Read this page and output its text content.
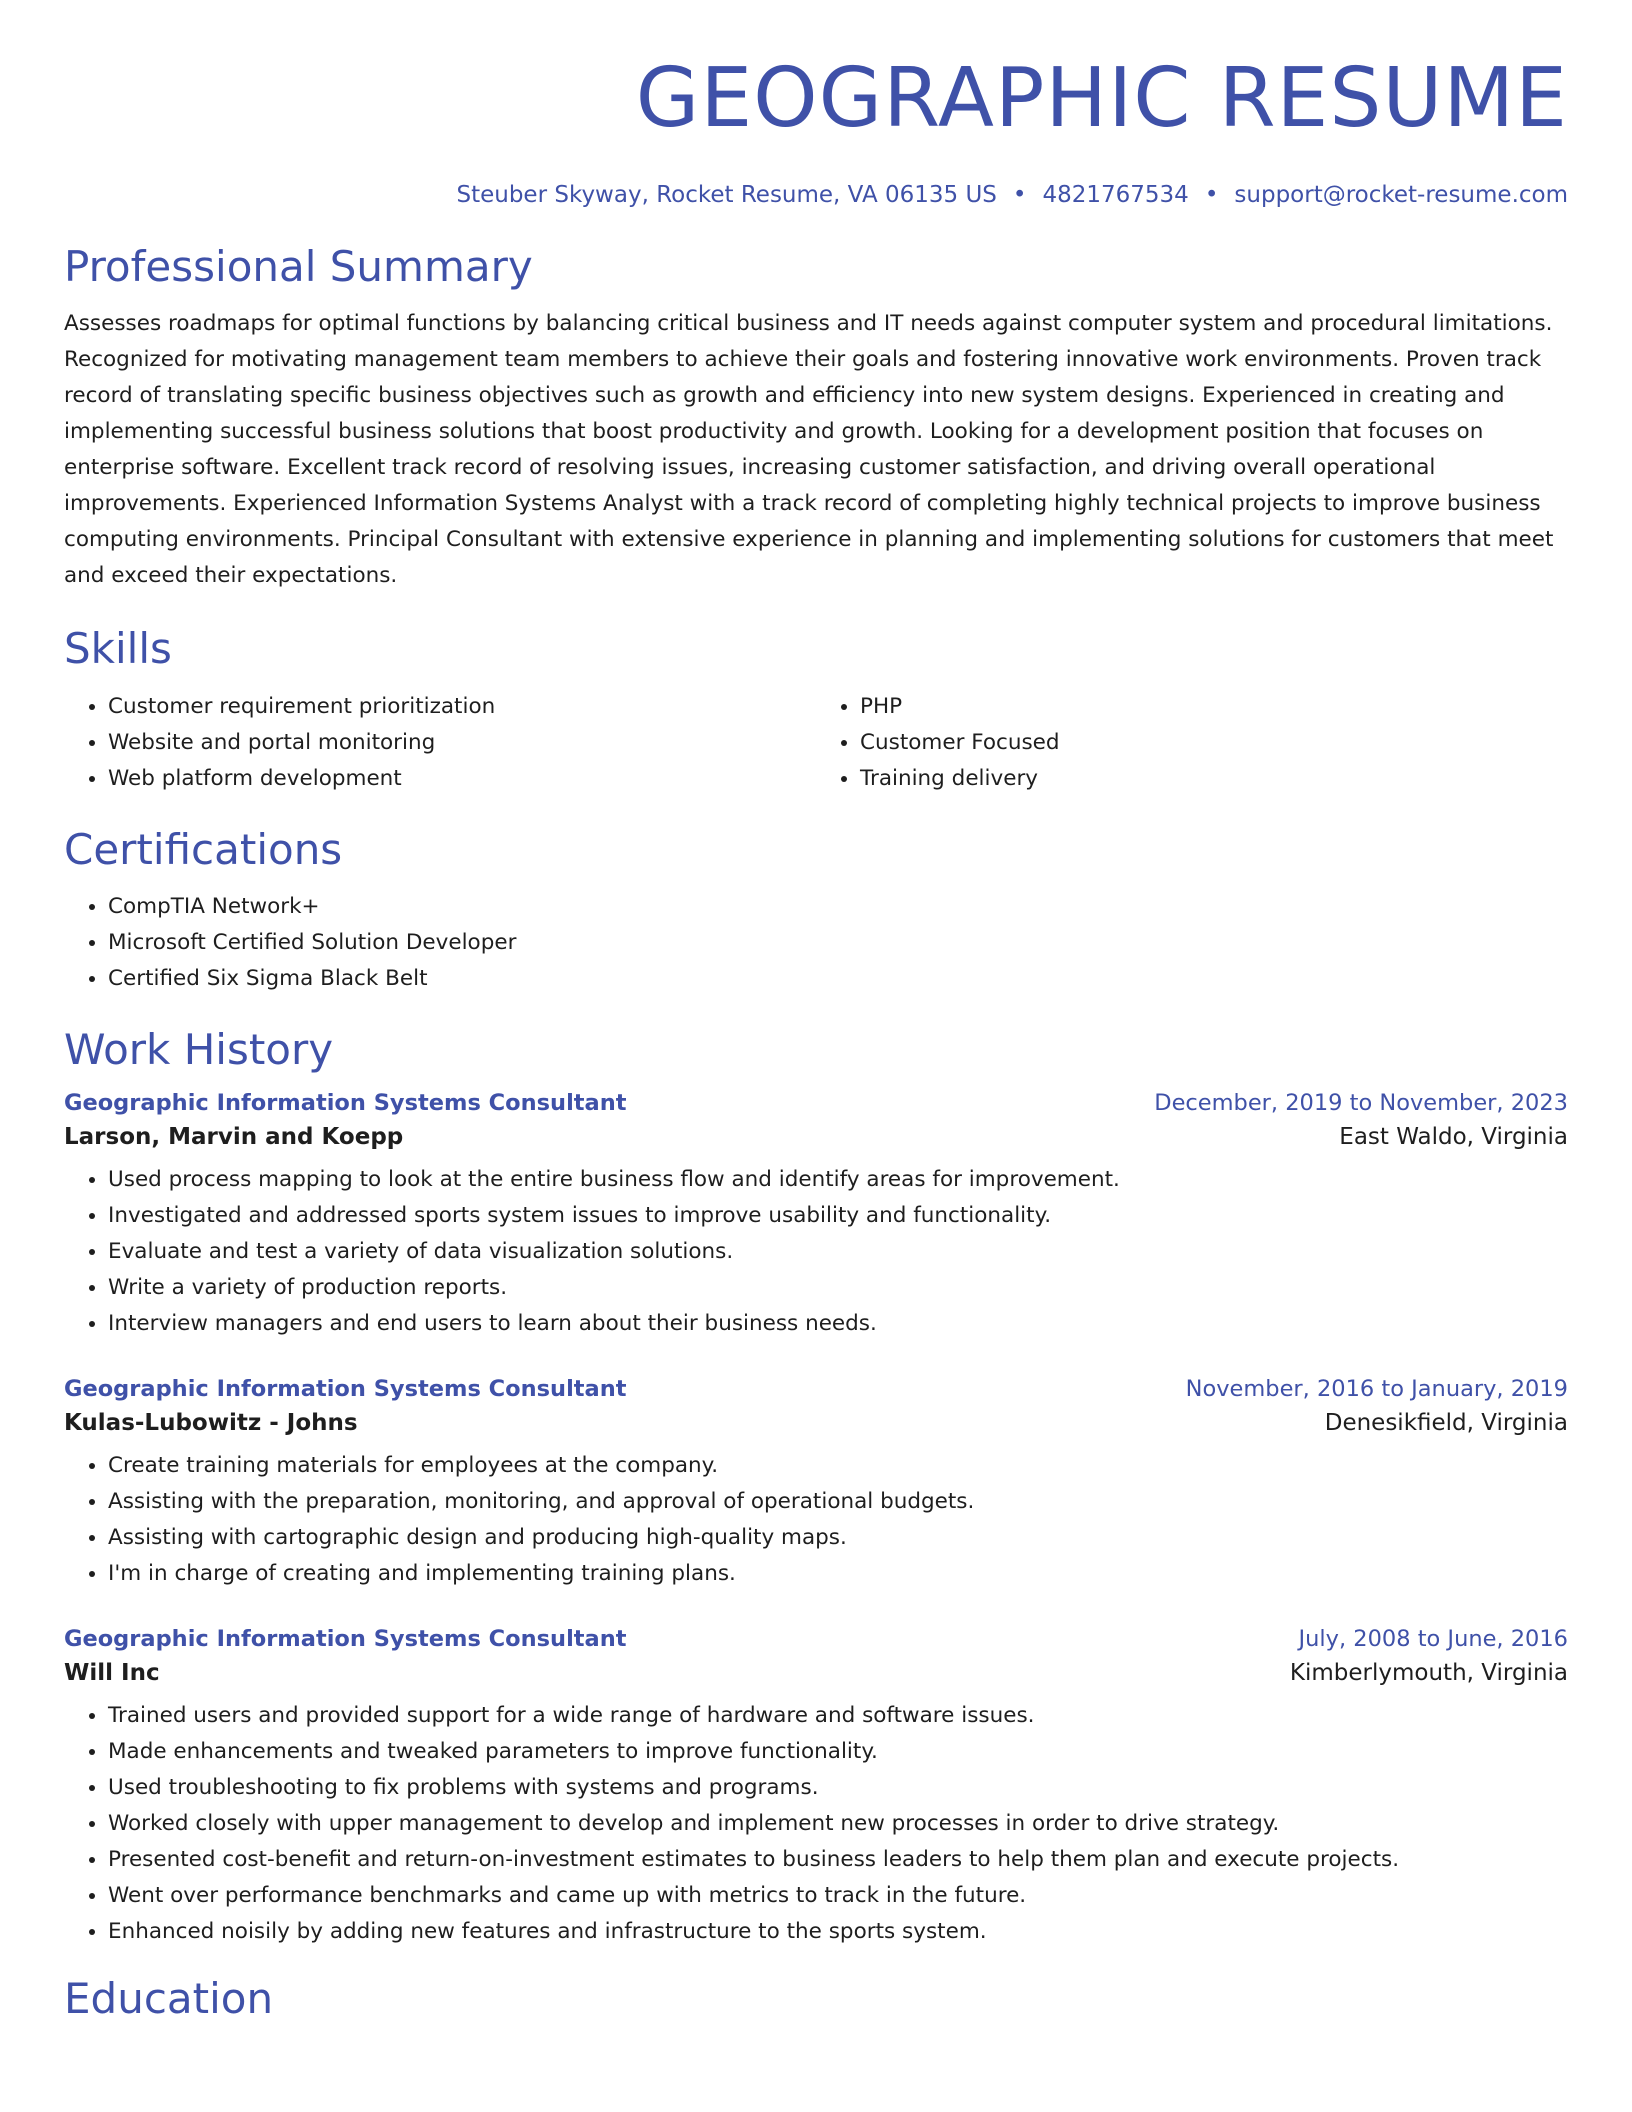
GEOGRAPHIC RESUME
Steuber Skyway, Rocket Resume, VA 06135 US • 4821767534 • support@rocket-resume.com
Professional Summary

Assesses roadmaps for optimal functions by balancing critical business and IT needs against computer system and procedural limitations. Recognized for motivating management team members to achieve their goals and fostering innovative work environments. Proven track record of translating specific business objectives such as growth and efficiency into new system designs. Experienced in creating and implementing successful business solutions that boost productivity and growth. Looking for a development position that focuses on enterprise software. Excellent track record of resolving issues, increasing customer satisfaction, and driving overall operational improvements. Experienced Information Systems Analyst with a track record of completing highly technical projects to improve business computing environments. Principal Consultant with extensive experience in planning and implementing solutions for customers that meet and exceed their expectations.

Skills
• Customer requirement prioritization
• Website and portal monitoring
• Web platform development
• PHP
• Customer Focused
• Training delivery
Certifications
• CompTIA Network+
• Microsoft Certified Solution Developer
• Certified Six Sigma Black Belt
Work History
Geographic Information Systems Consultant	December, 2019 to November, 2023
Larson, Marvin and Koepp	East Waldo, Virginia
• Used process mapping to look at the entire business flow and identify areas for improvement.
• Investigated and addressed sports system issues to improve usability and functionality.
• Evaluate and test a variety of data visualization solutions.
• Write a variety of production reports.
• Interview managers and end users to learn about their business needs.
Geographic Information Systems Consultant	November, 2016 to January, 2019
Kulas-Lubowitz - Johns	Denesikfield, Virginia
• Create training materials for employees at the company.
• Assisting with the preparation, monitoring, and approval of operational budgets.
• Assisting with cartographic design and producing high-quality maps.
• I'm in charge of creating and implementing training plans.
Geographic Information Systems Consultant	July, 2008 to June, 2016
Will Inc	Kimberlymouth, Virginia
• Trained users and provided support for a wide range of hardware and software issues.
• Made enhancements and tweaked parameters to improve functionality.
• Used troubleshooting to fix problems with systems and programs.
• Worked closely with upper management to develop and implement new processes in order to drive strategy.
• Presented cost-benefit and return-on-investment estimates to business leaders to help them plan and execute projects.
• Went over performance benchmarks and came up with metrics to track in the future.
• Enhanced noisily by adding new features and infrastructure to the sports system.
Education
